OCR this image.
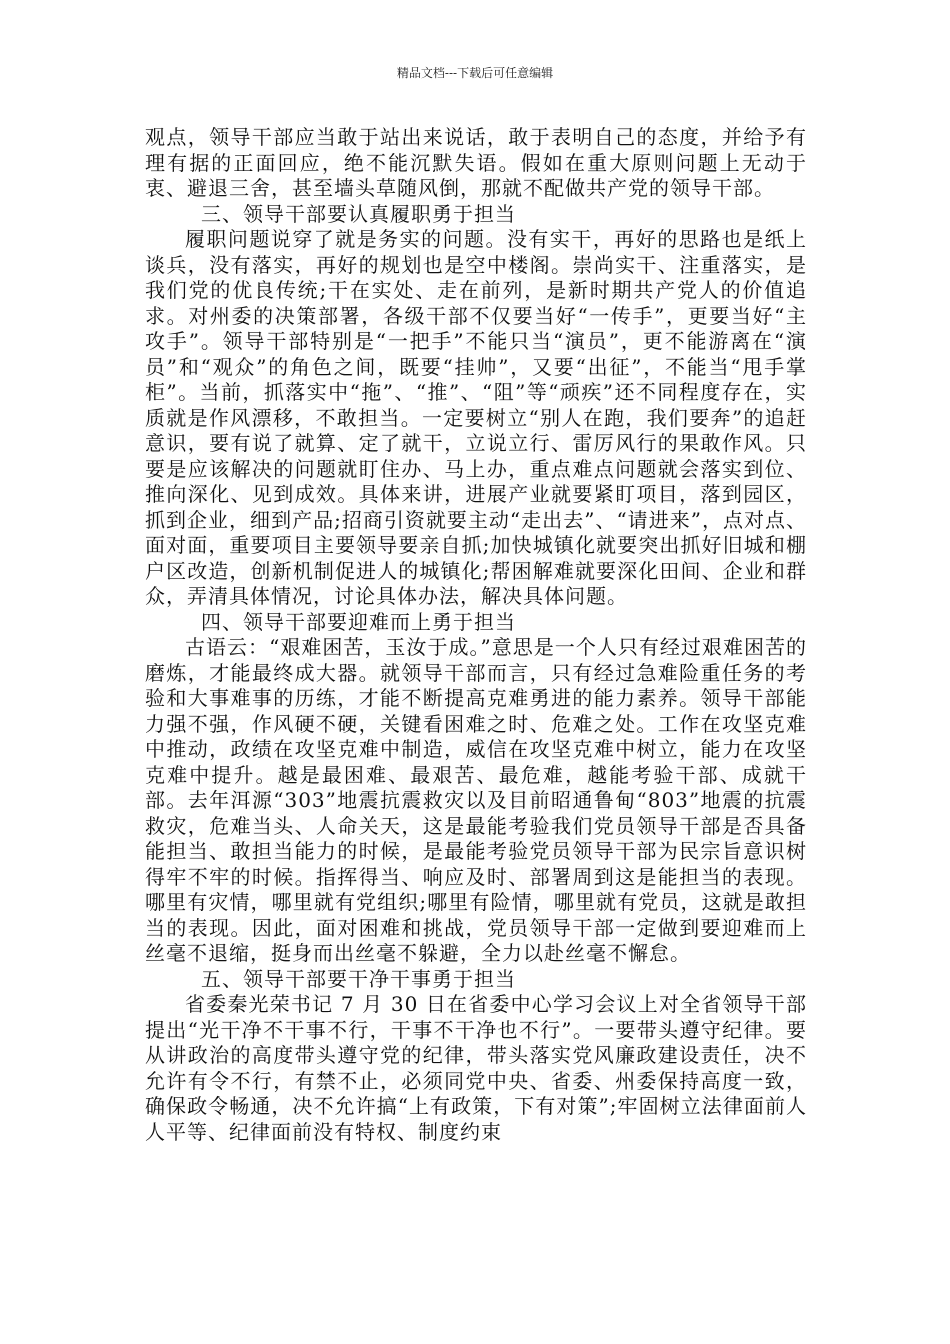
精品文档---下载后可任意编辑

观点，领导干部应当敢于站出来说话，敢于表明自己的态度，并给予有理有据的正面回应，绝不能沉默失语。假如在重大原则问题上无动于衷、避退三舍，甚至墙头草随风倒，那就不配做共产党的领导干部。

三、领导干部要认真履职勇于担当

履职问题说穿了就是务实的问题。没有实干，再好的思路也是纸上谈兵，没有落实，再好的规划也是空中楼阁。崇尚实干、注重落实，是我们党的优良传统;干在实处、走在前列，是新时期共产党人的价值追求。对州委的决策部署，各级干部不仅要当好“一传手”，更要当好“主攻手”。领导干部特别是“一把手”不能只当“演员”，更不能游离在“演员”和“观众”的角色之间，既要“挂帅”，又要“出征”，不能当“甩手掌柜”。当前，抓落实中“拖”、“推”、“阻”等“顽疾”还不同程度存在，实质就是作风漂移，不敢担当。一定要树立“别人在跑，我们要奔”的追赶意识，要有说了就算、定了就干，立说立行、雷厉风行的果敢作风。只要是应该解决的问题就盯住办、马上办，重点难点问题就会落实到位、推向深化、见到成效。具体来讲，进展产业就要紧盯项目，落到园区，抓到企业，细到产品;招商引资就要主动“走出去”、“请进来”，点对点、面对面，重要项目主要领导要亲自抓;加快城镇化就要突出抓好旧城和棚户区改造，创新机制促进人的城镇化;帮困解难就要深化田间、企业和群众，弄清具体情况，讨论具体办法，解决具体问题。

四、领导干部要迎难而上勇于担当

古语云：“艰难困苦，玉汝于成。”意思是一个人只有经过艰难困苦的磨炼，才能最终成大器。就领导干部而言，只有经过急难险重任务的考验和大事难事的历练，才能不断提高克难勇进的能力素养。领导干部能力强不强，作风硬不硬，关键看困难之时、危难之处。工作在攻坚克难中推动，政绩在攻坚克难中制造，威信在攻坚克难中树立，能力在攻坚克难中提升。越是最困难、最艰苦、最危难，越能考验干部、成就干部。去年洱源“303”地震抗震救灾以及目前昭通鲁甸“803”地震的抗震救灾，危难当头、人命关天，这是最能考验我们党员领导干部是否具备能担当、敢担当能力的时候，是最能考验党员领导干部为民宗旨意识树得牢不牢的时候。指挥得当、响应及时、部署周到这是能担当的表现。哪里有灾情，哪里就有党组织;哪里有险情，哪里就有党员，这就是敢担当的表现。因此，面对困难和挑战，党员领导干部一定做到要迎难而上丝毫不退缩，挺身而出丝毫不躲避，全力以赴丝毫不懈怠。

五、领导干部要干净干事勇于担当

省委秦光荣书记 7 月 30 日在省委中心学习会议上对全省领导干部提出“光干净不干事不行，干事不干净也不行”。一要带头遵守纪律。要从讲政治的高度带头遵守党的纪律，带头落实党风廉政建设责任，决不允许有令不行，有禁不止，必须同党中央、省委、州委保持高度一致，确保政令畅通，决不允许搞“上有政策，下有对策”;牢固树立法律面前人人平等、纪律面前没有特权、制度约束
